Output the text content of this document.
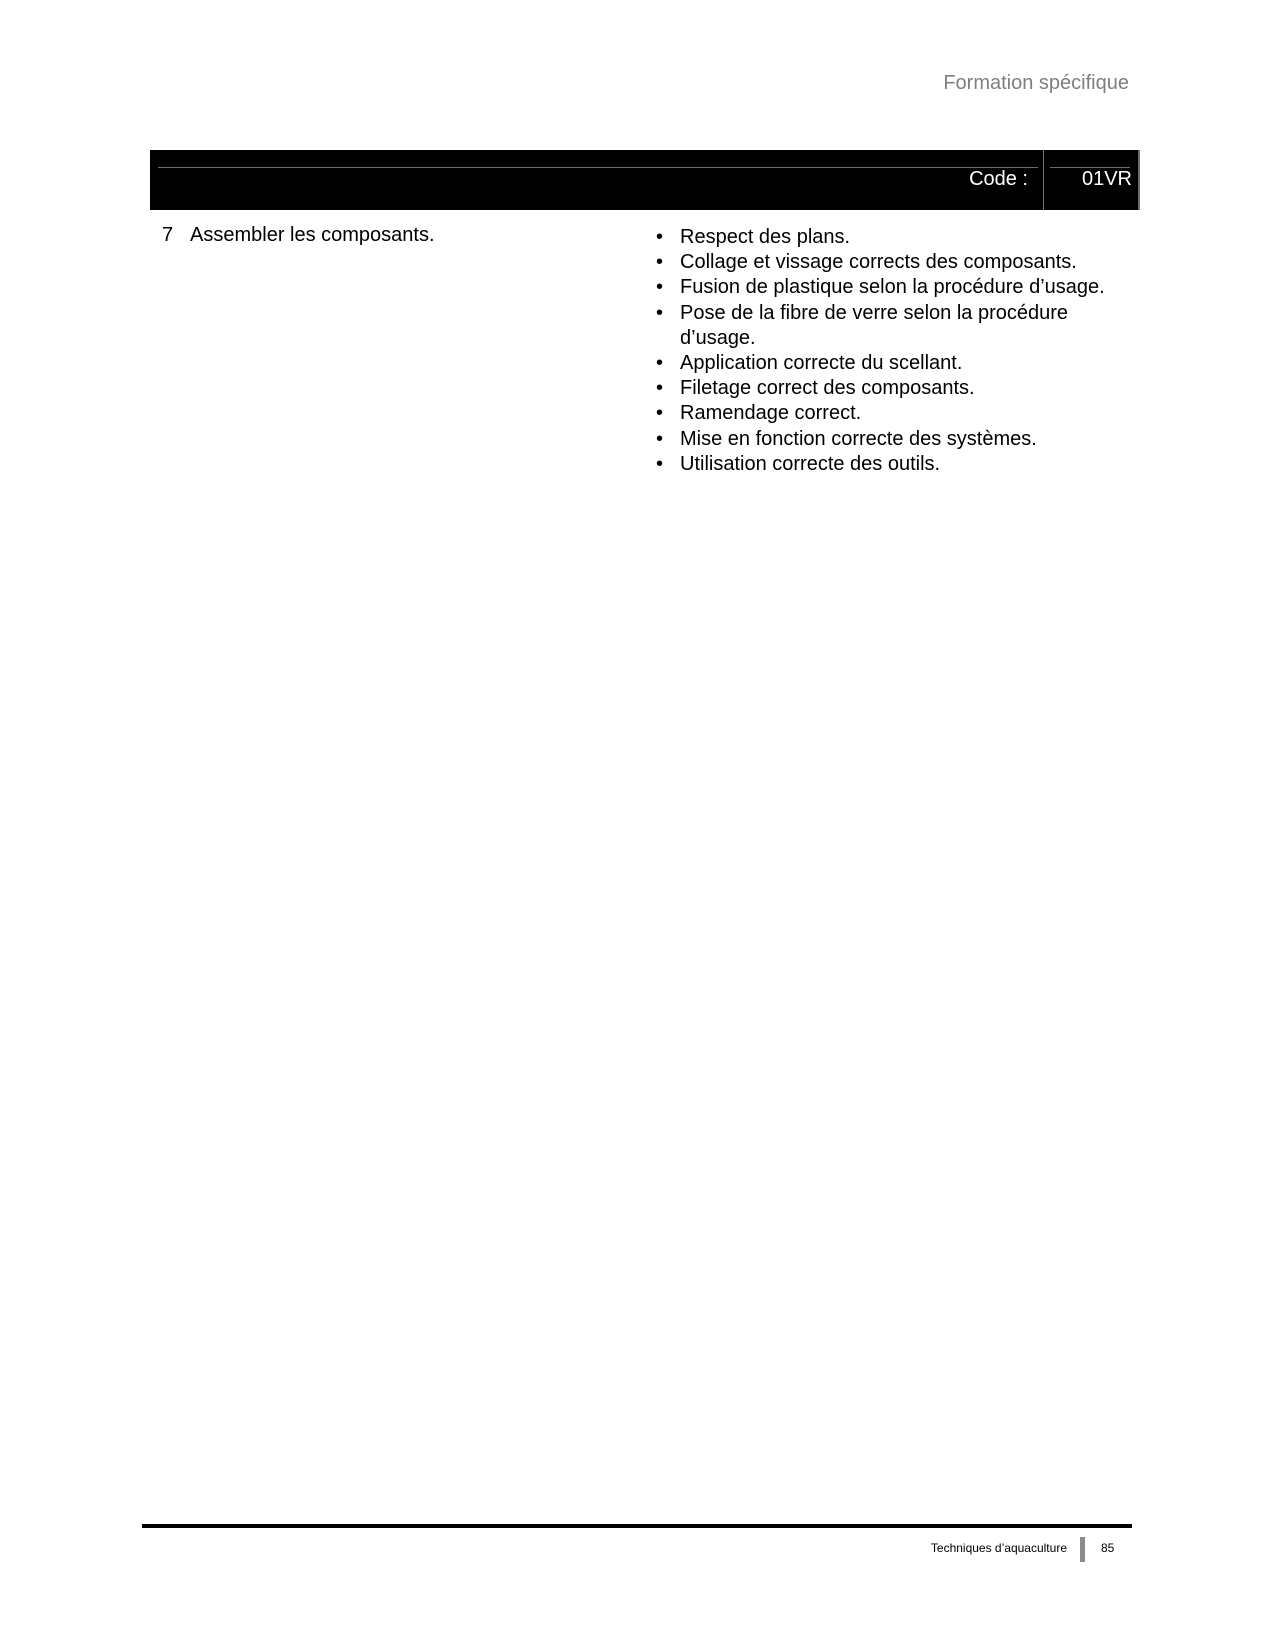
Formation spécifique
Code :	01VR
7 Assembler les composants.	• Respect des plans.
• Collage et vissage corrects des composants.
• Fusion de plastique selon la procédure d’usage.
• Pose de la fibre de verre selon la procédure d’usage.
• Application correcte du scellant.
• Filetage correct des composants.
• Ramendage correct.
• Mise en fonction correcte des systèmes.
• Utilisation correcte des outils.
Techniques d’aquaculture	85
